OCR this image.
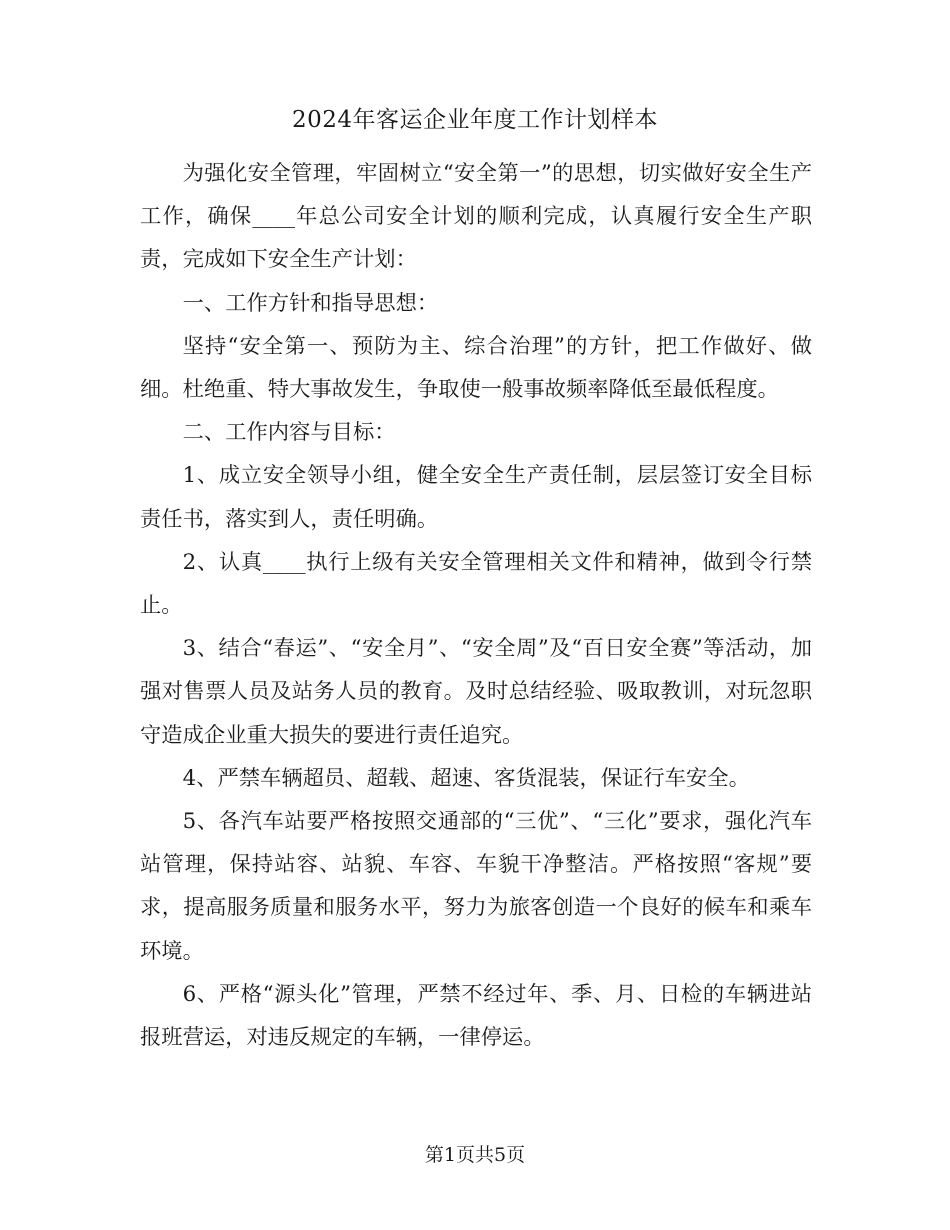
2024年客运企业年度工作计划样本

为强化安全管理，牢固树立“安全第一”的思想，切实做好安全生产工作，确保____年总公司安全计划的顺利完成，认真履行安全生产职责，完成如下安全生产计划：

一、工作方针和指导思想：

坚持“安全第一、预防为主、综合治理”的方针，把工作做好、做细。杜绝重、特大事故发生，争取使一般事故频率降低至最低程度。

二、工作内容与目标：

1、成立安全领导小组，健全安全生产责任制，层层签订安全目标责任书，落实到人，责任明确。

2、认真____执行上级有关安全管理相关文件和精神，做到令行禁止。

3、结合“春运”、“安全月”、“安全周”及“百日安全赛”等活动，加强对售票人员及站务人员的教育。及时总结经验、吸取教训，对玩忽职守造成企业重大损失的要进行责任追究。

4、严禁车辆超员、超载、超速、客货混装，保证行车安全。

5、各汽车站要严格按照交通部的“三优”、“三化”要求，强化汽车站管理，保持站容、站貌、车容、车貌干净整洁。严格按照“客规”要求，提高服务质量和服务水平，努力为旅客创造一个良好的候车和乘车环境。

6、严格“源头化”管理，严禁不经过年、季、月、日检的车辆进站报班营运，对违反规定的车辆，一律停运。

第1页共5页
